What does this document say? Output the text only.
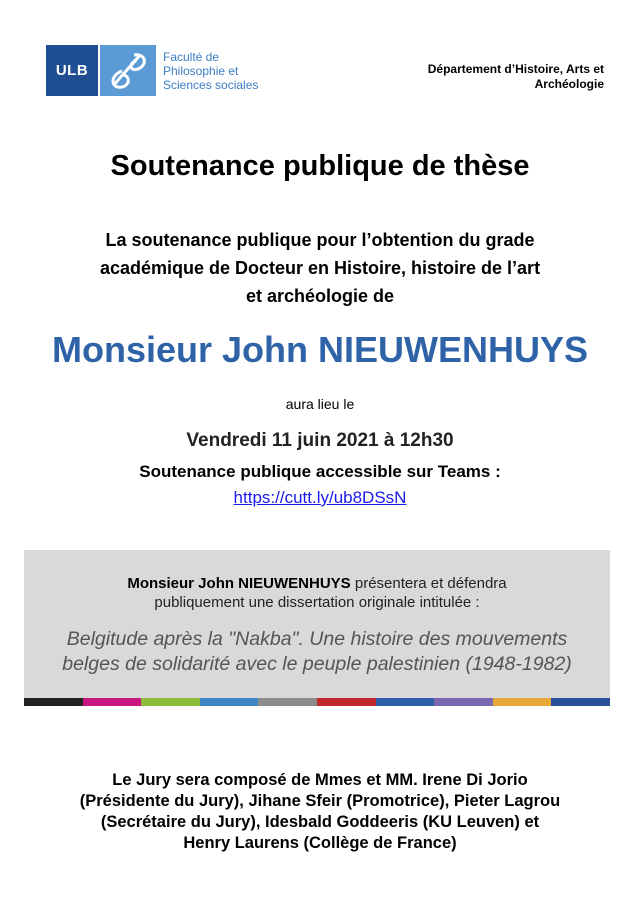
ULB
Faculté de
Philosophie et
Sciences sociales
Département d’Histoire, Arts et
Archéologie
Soutenance publique de thèse
La soutenance publique pour l’obtention du grade
académique de Docteur en Histoire, histoire de l’art
et archéologie de
Monsieur John NIEUWENHUYS
aura lieu le
Vendredi 11 juin 2021 à 12h30
Soutenance publique accessible sur Teams :
https://cutt.ly/ub8DSsN
Monsieur John NIEUWENHUYS présentera et défendra
publiquement une dissertation originale intitulée :
Belgitude après la "Nakba". Une histoire des mouvements
belges de solidarité avec le peuple palestinien (1948-1982)
Le Jury sera composé de Mmes et MM. Irene Di Jorio
(Présidente du Jury), Jihane Sfeir (Promotrice), Pieter Lagrou
(Secrétaire du Jury), Idesbald Goddeeris (KU Leuven) et
Henry Laurens (Collège de France)
